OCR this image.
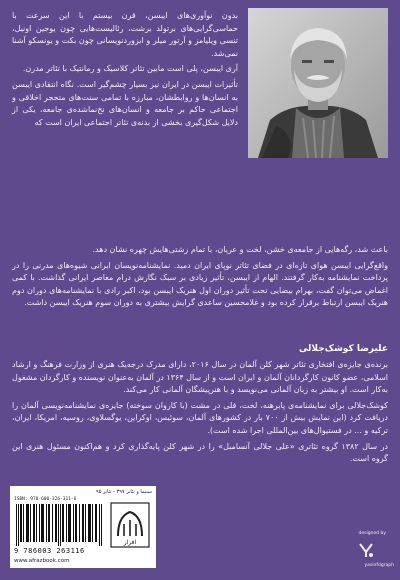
بدون نوآوری‌های ایبسن، قرن بیستم با این سرعت با حماسی‌گرایی‌های برتولد برشت، رئالیست‌هایی چون یوجین اونیل، تنسی ویلیامز و آرتور میلر و ابزوردنویسانی چون بکت و یونسکو آشنا نمی‌شد.

آری ایبسن، پلی است مابین تئاتر کلاسیک و رمانتیک با تئاتر مدرن.

تأثیرات ایبسن در ایران نیز بسیار چشم‌گیر است. نگاه انتقادی ایبسن به انسان‌ها و روابطشان، مبارزه با تمامی سنت‌های متحجر اخلاقی و اجتماعی حاکم بر جامعه و انسان‌های نخ‌نماشده‌ی جامعه، یکی از دلایل شکل‌گیری بخشی از بدنه‌ی تئاتر اجتماعی ایران است که

باعث شد، رگه‌هایی از جامعه‌ی خشن، لخت و عریان، با تمام زشتی‌هایش چهره نشان دهد.

واقع‌گرایی ایبسن هوای تازه‌ای در فضای تئاتر نوپای ایران دمید. نمایشنامه‌نویسان ایرانی شیوه‌های مدرنی را در پرداخت نمایشنامه به‌کار گرفتند. الهام از ایبسن، تأثیر زیادی بر سبک نگارش درام معاصر ایرانی گذاشت. با کمی اغماض می‌توان گفت، بهرام بیضایی تحت تأثیر دوران اول هنریک ایبسن بود، اکبر رادی با نمایشنامه‌های دوران دوم هنریک ایبسن ارتباط برقرار کرده بود و غلامحسین ساعدی گرایش بیشتری به دوران سوم هنریک ایبسن داشت.

علیرضا کوشک‌جلالی

برنده‌ی جایزه‌ی افتخاری تئاتر شهر کلن آلمان در سال ۲۰۱۶، دارای مدرک درجه‌یک هنری از وزارت فرهنگ و ارشاد اسلامی، عضو کانون کارگردانان آلمان و ایران است و از سال ۱۳۶۴ در آلمان به‌عنوان نویسنده و کارگردان مشغول به‌کار است. او بیشتر به زبان آلمانی می‌نویسد و با هنرپیشگان آلمانی کار می‌کند.

کوشک‌جلالی برای نمایشنامه‌ی پابرهنه، لخت، فلی در مشت (با کاروان سوخته) جایزه‌ی نمایشنامه‌نویسی آلمان را دریافت کرد (این نمایش بیش از ۷۰۰ بار در کشورهای آلمان، سوئیس، اوکراین، یوگسلاوی، روسیه، امریکا، ایران، ترکیه و ... در فستیوال‌های بین‌المللی اجرا شده است).

در سال ۱۳۸۲ گروه تئاتری «علی جلالی آنسامبل» را در شهر کلن پایه‌گذاری کرد و هم‌اکنون مسئول هنری این گروه است.

سینما و تئاتر ۳۹۷ - تئاتر ۹۵
ISBN: 978-600-326-311-6
9 786003 263116
www.afrazbook.com
افراز
designed by
yasinfdgraph
